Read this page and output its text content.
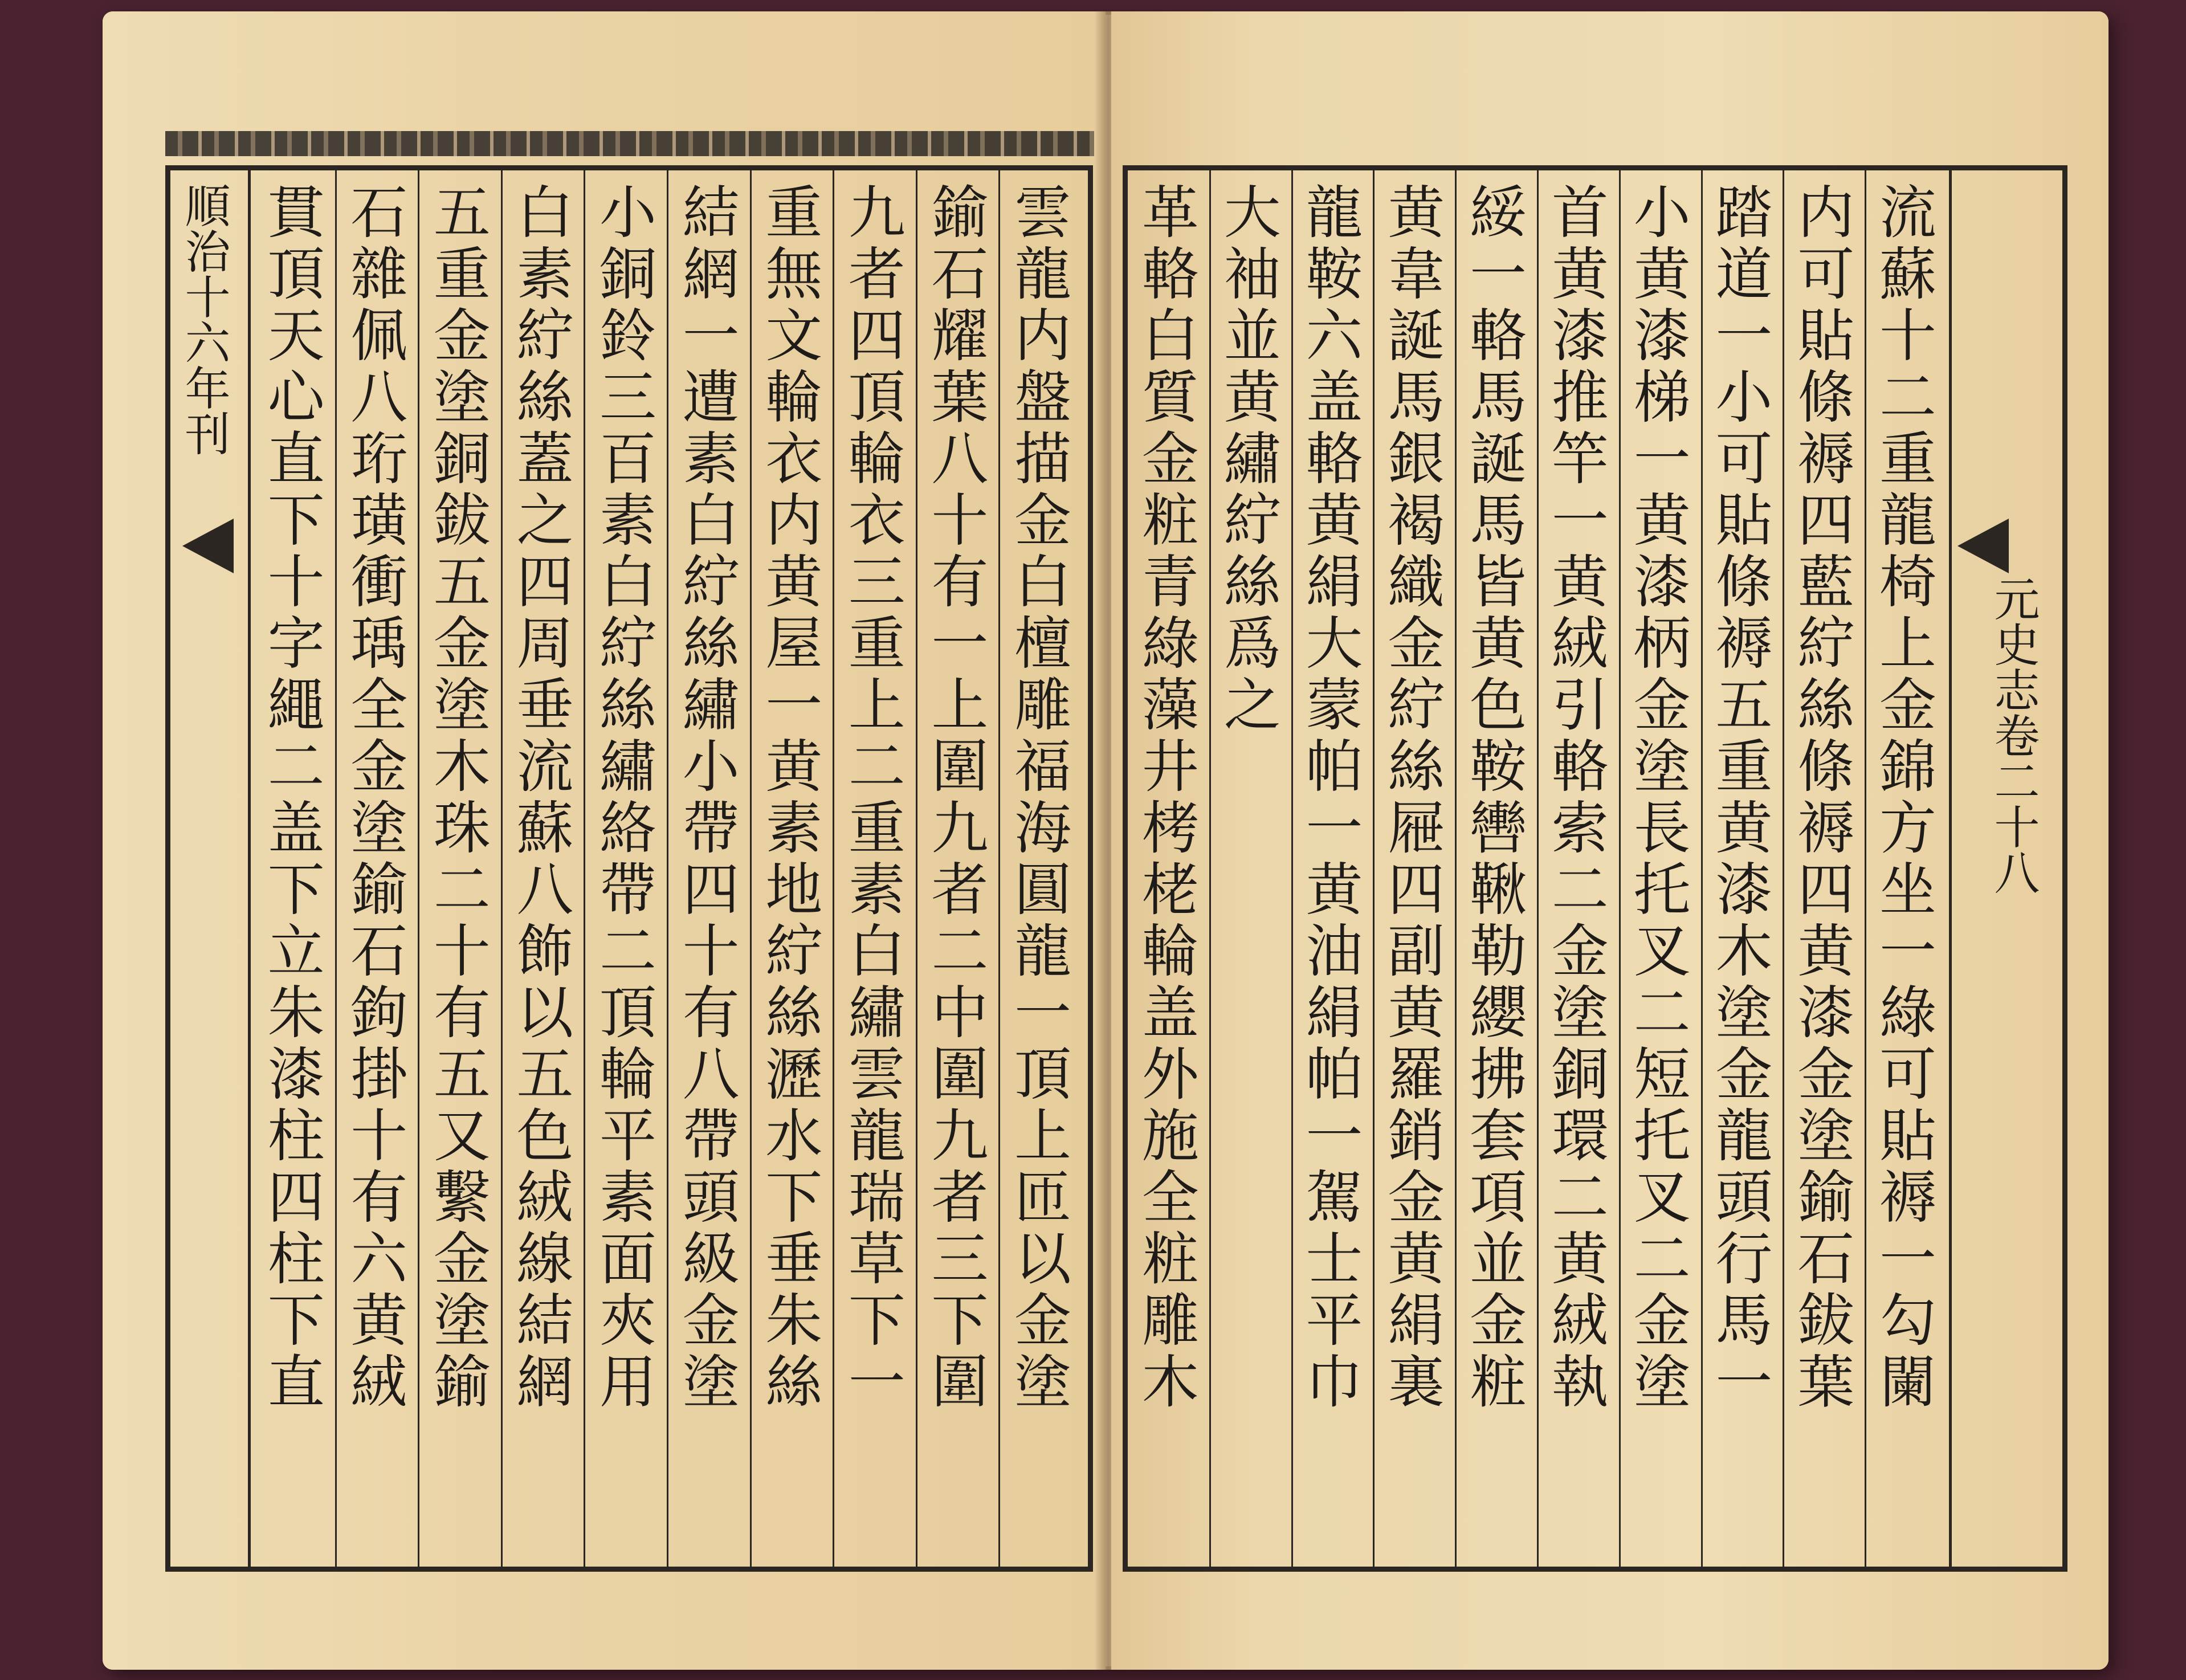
順治十六年刊	雲龍内盤描金白檀雕福海圓龍一頂上匝以金塗
鍮石耀葉八十有一上圍九者二中圍九者三下圍
九者四頂輪衣三重上二重素白繡雲龍瑞草下一
重無文輪衣内黄屋一黄素地紵絲瀝水下垂朱絲
結網一遭素白紵絲繡小帶四十有八帶頭級金塗
小銅鈴三百素白紵絲繡絡帶二頂輪平素面夾用
白素紵絲蓋之四周垂流蘇八飾以五色絨線結網
五重金塗銅鈸五金塗木珠二十有五又繫金塗鍮
石雜佩八珩璜衝瑀全金塗鍮石鉤掛十有六黄絨
貫頂天心直下十字繩二盖下立朱漆柱四柱下直	元史志卷二十八
流蘇十二重龍椅上金錦方坐一綠可貼褥一勾闌
内可貼條褥四藍紵絲條褥四黄漆金塗鍮石鈸葉
踏道一小可貼條褥五重黄漆木塗金龍頭行馬一
小黄漆梯一黄漆柄金塗長托叉二短托叉二金塗
首黄漆推竿一黄絨引輅索二金塗銅環二黄絨執
綏一輅馬誕馬皆黄色鞍轡鞦勒纓拂套項並金粧
黄韋誕馬銀褐織金紵絲屜四副黄羅銷金黄絹裏
龍鞍六盖輅黄絹大蒙帕一黄油絹帕一駕士平巾
大袖並黄繡紵絲爲之
革輅白質金粧青綠藻井栲栳輪盖外施全粧雕木
